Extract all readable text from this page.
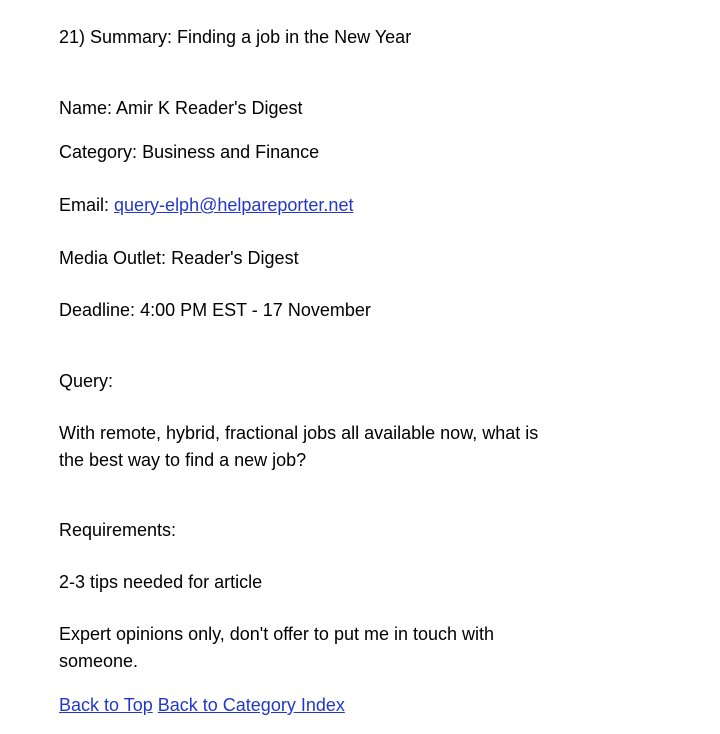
21) Summary: Finding a job in the New Year
Name: Amir K Reader's Digest
Category: Business and Finance
Email: query-elph@helpareporter.net
Media Outlet: Reader's Digest
Deadline: 4:00 PM EST - 17 November
Query:
With remote, hybrid, fractional jobs all available now, what is the best way to find a new job?
Requirements:
2-3 tips needed for article
Expert opinions only, don't offer to put me in touch with someone.
Back to Top Back to Category Index
